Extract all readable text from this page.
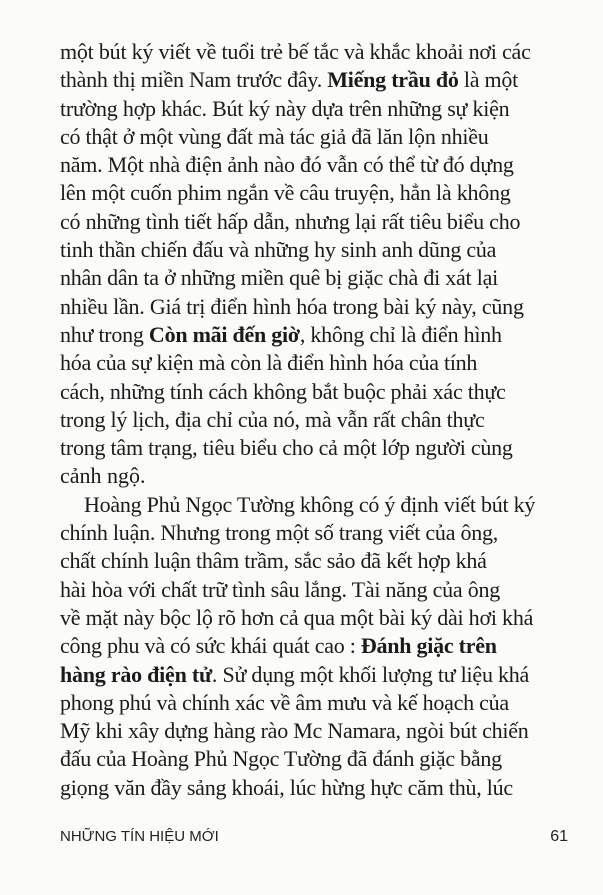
một bút ký viết về tuổi trẻ bế tắc và khắc khoải nơi các
thành thị miền Nam trước đây. Miếng trầu đỏ là một
trường hợp khác. Bút ký này dựa trên những sự kiện
có thật ở một vùng đất mà tác giả đã lăn lộn nhiều
năm. Một nhà điện ảnh nào đó vẫn có thể từ đó dựng
lên một cuốn phim ngắn về câu truyện, hẳn là không
có những tình tiết hấp dẫn, nhưng lại rất tiêu biểu cho
tinh thần chiến đấu và những hy sinh anh dũng của
nhân dân ta ở những miền quê bị giặc chà đi xát lại
nhiều lần. Giá trị điển hình hóa trong bài ký này, cũng
như trong Còn mãi đến giờ, không chỉ là điển hình
hóa của sự kiện mà còn là điển hình hóa của tính
cách, những tính cách không bắt buộc phải xác thực
trong lý lịch, địa chỉ của nó, mà vẫn rất chân thực
trong tâm trạng, tiêu biểu cho cả một lớp người cùng
cảnh ngộ.
Hoàng Phủ Ngọc Tường không có ý định viết bút ký
chính luận. Nhưng trong một số trang viết của ông,
chất chính luận thâm trầm, sắc sảo đã kết hợp khá
hài hòa với chất trữ tình sâu lắng. Tài năng của ông
về mặt này bộc lộ rõ hơn cả qua một bài ký dài hơi khá
công phu và có sức khái quát cao : Đánh giặc trên
hàng rào điện tử. Sử dụng một khối lượng tư liệu khá
phong phú và chính xác về âm mưu và kế hoạch của
Mỹ khi xây dựng hàng rào Mc Namara, ngòi bút chiến
đấu của Hoàng Phủ Ngọc Tường đã đánh giặc bằng
giọng văn đầy sảng khoái, lúc hừng hực căm thù, lúc
NHỮNG TÍN HIỆU MỚI	61
